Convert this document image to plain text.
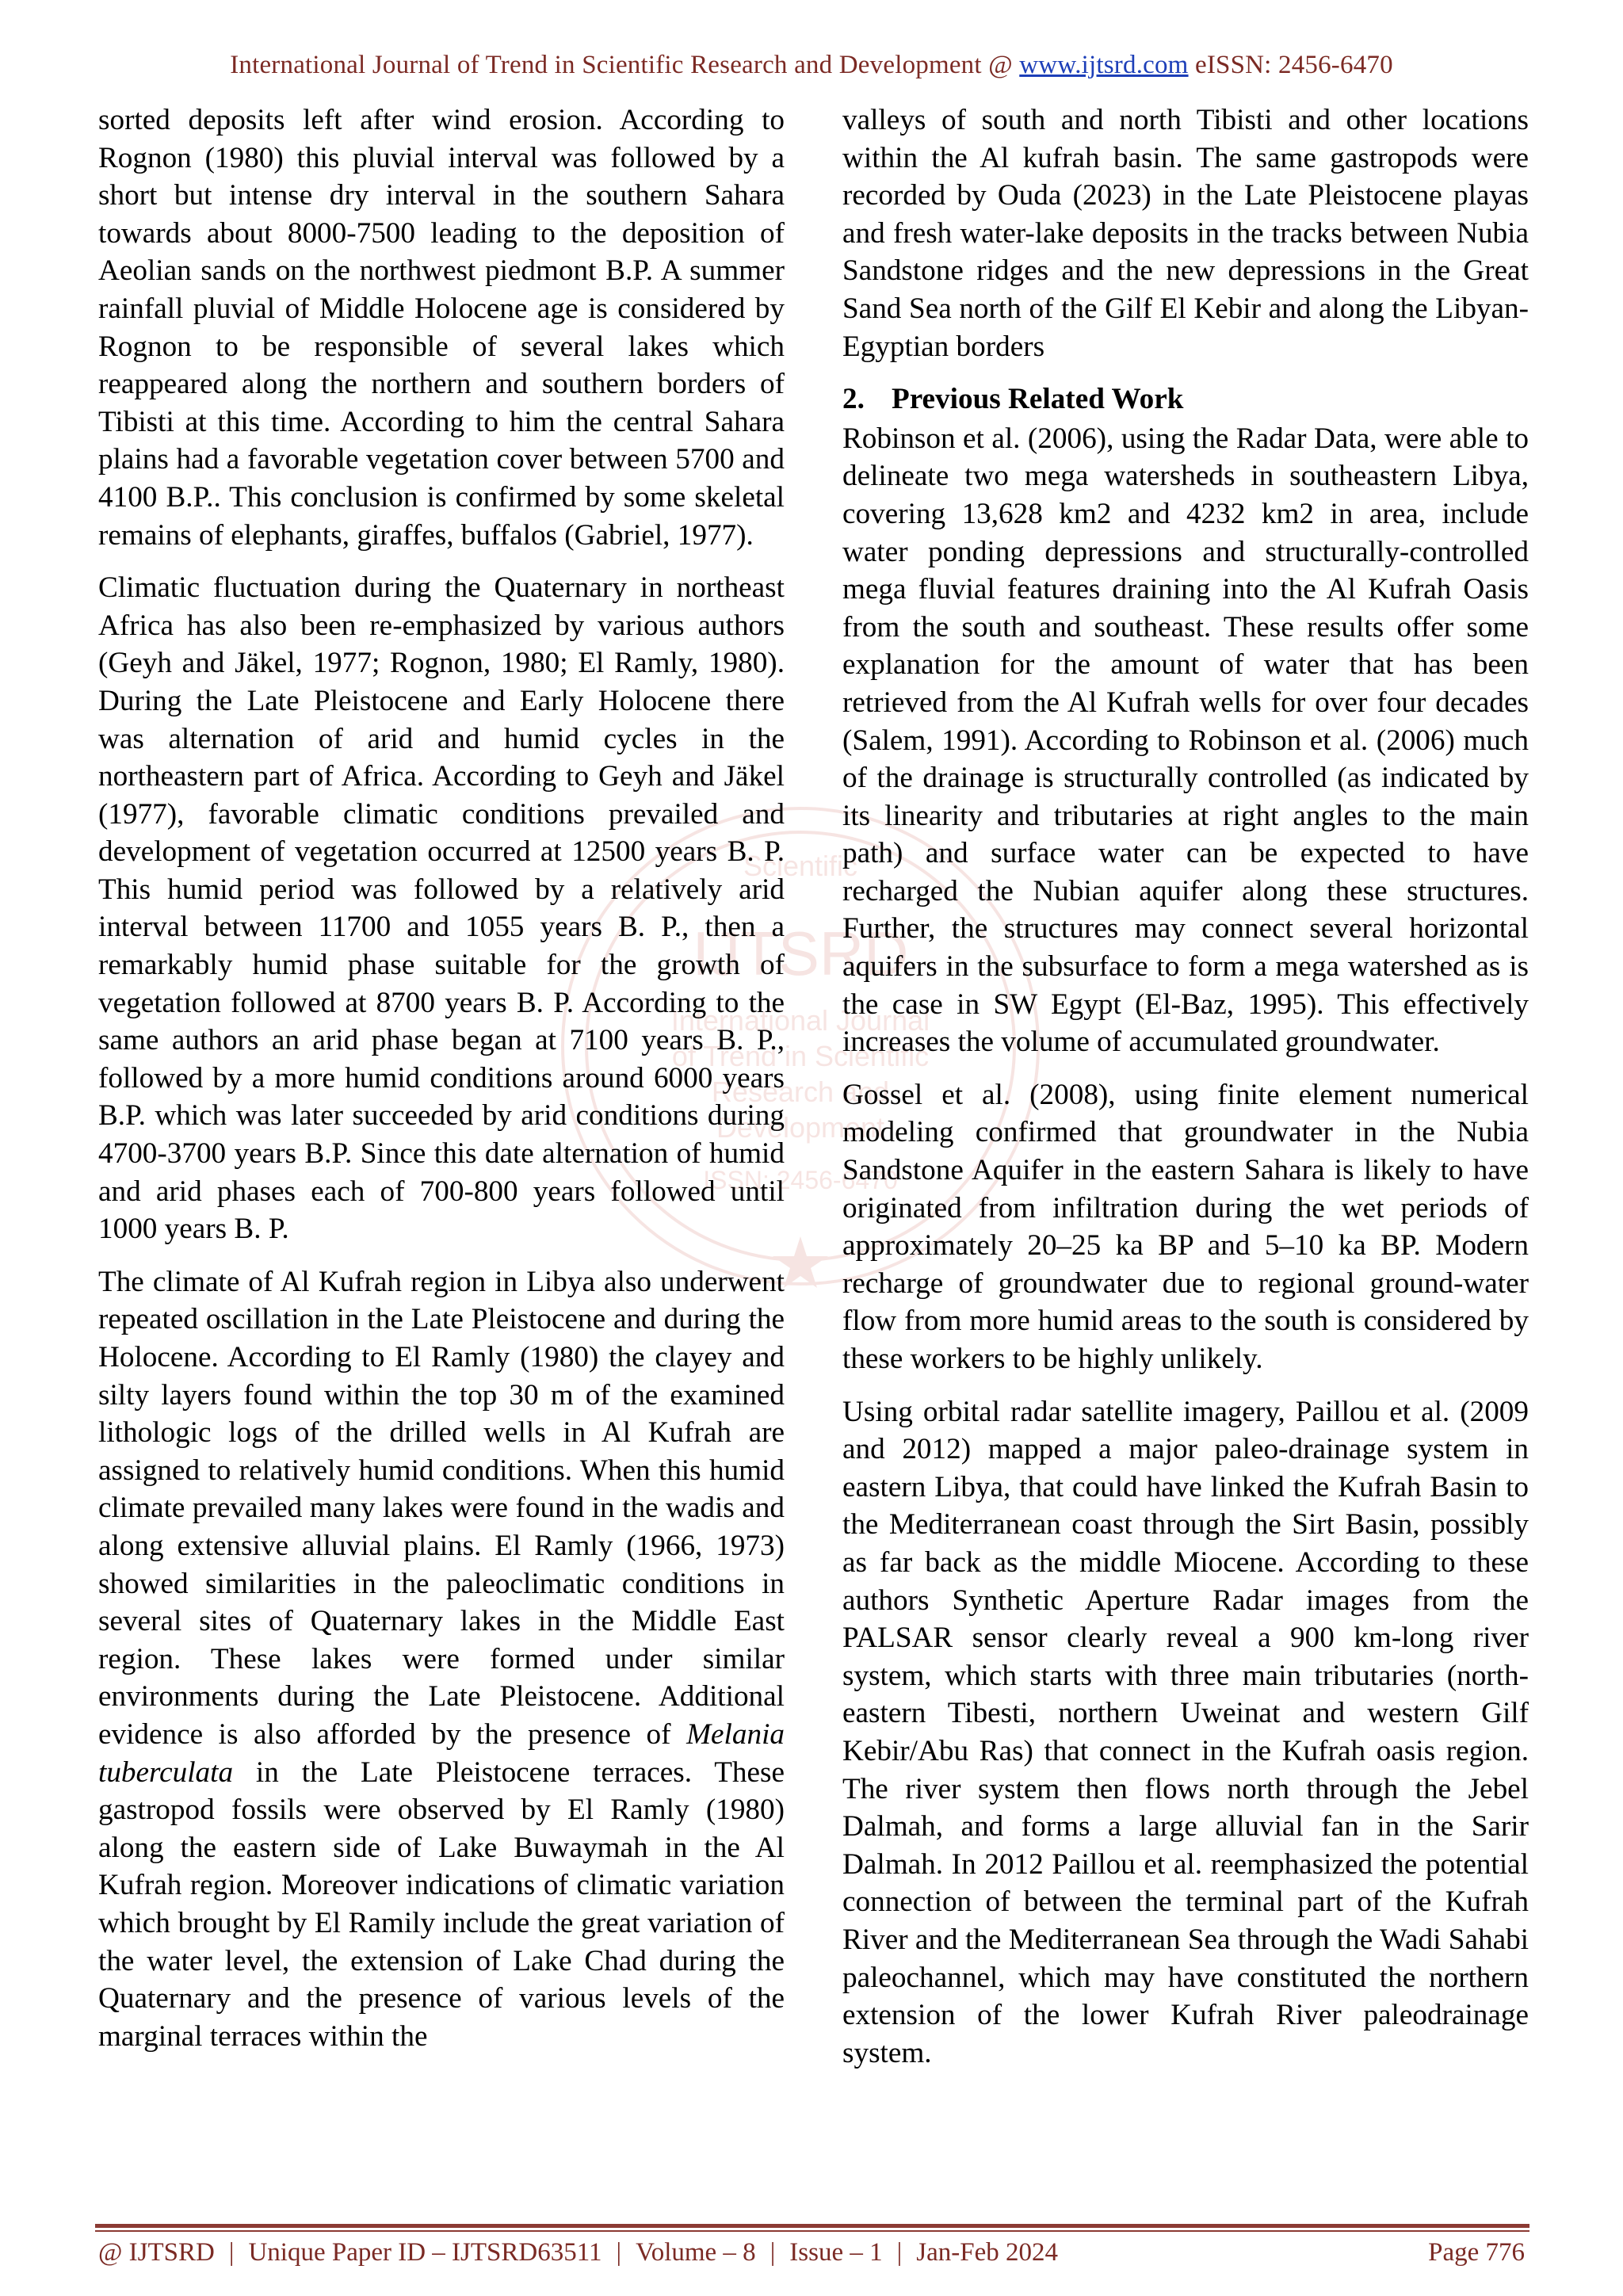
International Journal of Trend in Scientific Research and Development @ www.ijtsrd.com eISSN: 2456-6470
Scientific
IJTSRD
International Journal
of Trend in Scientific
Research and
Development
ISSN: 2456-6470

sorted deposits left after wind erosion. According to Rognon (1980) this pluvial interval was followed by a short but intense dry interval in the southern Sahara towards about 8000-7500 leading to the deposition of Aeolian sands on the northwest piedmont B.P. A summer rainfall pluvial of Middle Holocene age is considered by Rognon to be responsible of several lakes which reappeared along the northern and southern borders of Tibisti at this time. According to him the central Sahara plains had a favorable vegetation cover between 5700 and 4100 B.P.. This conclusion is confirmed by some skeletal remains of elephants, giraffes, buffalos (Gabriel, 1977).

Climatic fluctuation during the Quaternary in northeast Africa has also been re-emphasized by various authors (Geyh and Jäkel, 1977; Rognon, 1980; El Ramly, 1980). During the Late Pleistocene and Early Holocene there was alternation of arid and humid cycles in the northeastern part of Africa. According to Geyh and Jäkel (1977), favorable climatic conditions prevailed and development of vegetation occurred at 12500 years B. P. This humid period was followed by a relatively arid interval between 11700 and 1055 years B. P., then a remarkably humid phase suitable for the growth of vegetation followed at 8700 years B. P. According to the same authors an arid phase began at 7100 years B. P., followed by a more humid conditions around 6000 years B.P. which was later succeeded by arid conditions during 4700-3700 years B.P. Since this date alternation of humid and arid phases each of 700-800 years followed until 1000 years B. P.

The climate of Al Kufrah region in Libya also underwent repeated oscillation in the Late Pleistocene and during the Holocene. According to El Ramly (1980) the clayey and silty layers found within the top 30 m of the examined lithologic logs of the drilled wells in Al Kufrah are assigned to relatively humid conditions. When this humid climate prevailed many lakes were found in the wadis and along extensive alluvial plains. El Ramly (1966, 1973) showed similarities in the paleoclimatic conditions in several sites of Quaternary lakes in the Middle East region. These lakes were formed under similar environments during the Late Pleistocene. Additional evidence is also afforded by the presence of Melania tuberculata in the Late Pleistocene terraces. These gastropod fossils were observed by El Ramly (1980) along the eastern side of Lake Buwaymah in the Al Kufrah region. Moreover indications of climatic variation which brought by El Ramily include the great variation of the water level, the extension of Lake Chad during the Quaternary and the presence of various levels of the marginal terraces within the

valleys of south and north Tibisti and other locations within the Al kufrah basin. The same gastropods were recorded by Ouda (2023) in the Late Pleistocene playas and fresh water-lake deposits in the tracks between Nubia Sandstone ridges and the new depressions in the Great Sand Sea north of the Gilf El Kebir and along the Libyan-Egyptian borders

2. Previous Related Work

Robinson et al. (2006), using the Radar Data, were able to delineate two mega watersheds in southeastern Libya, covering 13,628 km2 and 4232 km2 in area, include water ponding depressions and structurally-controlled mega fluvial features draining into the Al Kufrah Oasis from the south and southeast. These results offer some explanation for the amount of water that has been retrieved from the Al Kufrah wells for over four decades (Salem, 1991). According to Robinson et al. (2006) much of the drainage is structurally controlled (as indicated by its linearity and tributaries at right angles to the main path) and surface water can be expected to have recharged the Nubian aquifer along these structures. Further, the structures may connect several horizontal aquifers in the subsurface to form a mega watershed as is the case in SW Egypt (El-Baz, 1995). This effectively increases the volume of accumulated groundwater.

Gossel et al. (2008), using finite element numerical modeling confirmed that groundwater in the Nubia Sandstone Aquifer in the eastern Sahara is likely to have originated from infiltration during the wet periods of approximately 20–25 ka BP and 5–10 ka BP. Modern recharge of groundwater due to regional ground-water flow from more humid areas to the south is considered by these workers to be highly unlikely.

Using orbital radar satellite imagery, Paillou et al. (2009 and 2012) mapped a major paleo-drainage system in eastern Libya, that could have linked the Kufrah Basin to the Mediterranean coast through the Sirt Basin, possibly as far back as the middle Miocene. According to these authors Synthetic Aperture Radar images from the PALSAR sensor clearly reveal a 900 km-long river system, which starts with three main tributaries (north-eastern Tibesti, northern Uweinat and western Gilf Kebir/Abu Ras) that connect in the Kufrah oasis region. The river system then flows north through the Jebel Dalmah, and forms a large alluvial fan in the Sarir Dalmah. In 2012 Paillou et al. reemphasized the potential connection of between the terminal part of the Kufrah River and the Mediterranean Sea through the Wadi Sahabi paleochannel, which may have constituted the northern extension of the lower Kufrah River paleodrainage system.

@ IJTSRD | Unique Paper ID – IJTSRD63511 | Volume – 8 | Issue – 1 | Jan-Feb 2024	Page 776
